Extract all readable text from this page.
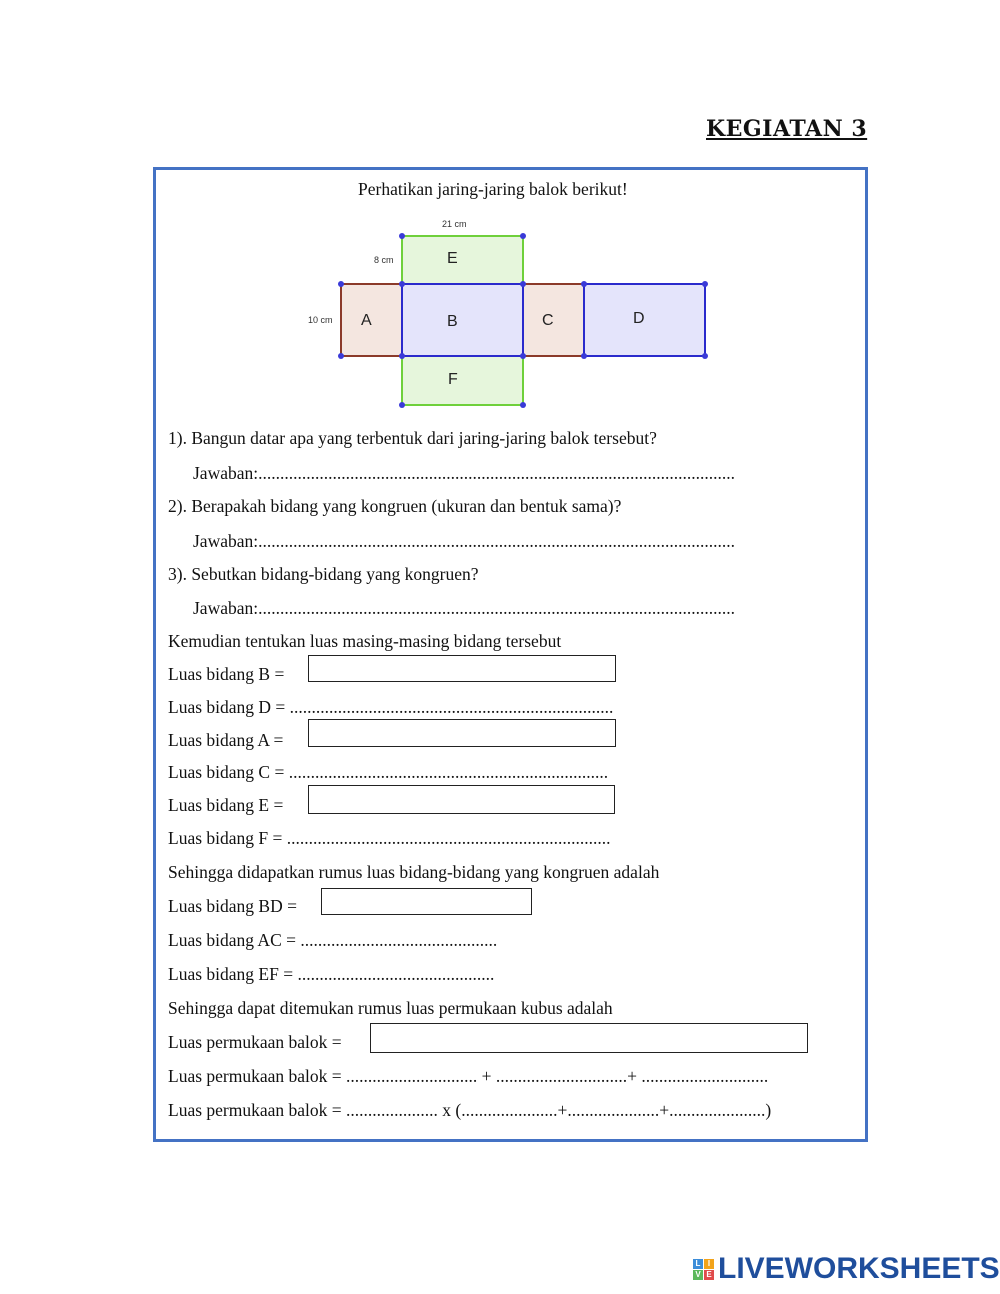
KEGIATAN 3
Perhatikan jaring-jaring balok berikut!
21 cm
8 cm
10 cm
E
A	B	C	D
F
1). Bangun datar apa yang terbentuk dari jaring-jaring balok tersebut?
Jawaban:.............................................................................................................
2). Berapakah bidang yang kongruen (ukuran dan bentuk sama)?
Jawaban:.............................................................................................................
3). Sebutkan bidang-bidang yang kongruen?
Jawaban:.............................................................................................................
Kemudian tentukan luas masing-masing bidang tersebut
Luas bidang B =
Luas bidang D = ..........................................................................
Luas bidang A =
Luas bidang C = .........................................................................
Luas bidang E =
Luas bidang F = ..........................................................................
Sehingga didapatkan rumus luas bidang-bidang yang kongruen adalah
Luas bidang BD =
Luas bidang AC = .............................................
Luas bidang EF = .............................................
Sehingga dapat ditemukan rumus luas permukaan kubus adalah
Luas permukaan balok =
Luas permukaan balok = .............................. + ..............................+ .............................
Luas permukaan balok = ..................... x (......................+.....................+......................)
L I
V E LIVEWORKSHEETS
